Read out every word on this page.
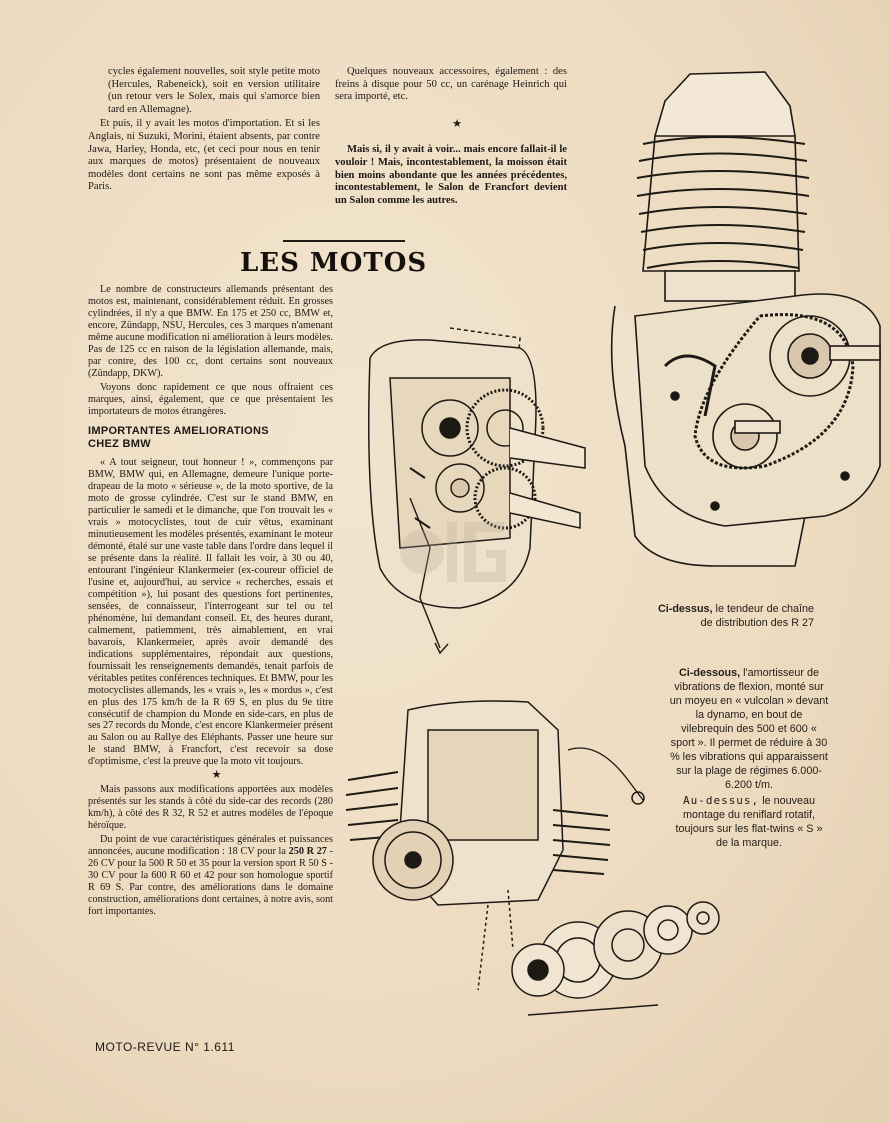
cycles également nouvelles, soit style petite moto (Hercules, Rabeneick), soit en version utilitaire (un retour vers le Solex, mais qui s'amorce bien tard en Allemagne).

Et puis, il y avait les motos d'importation. Et si les Anglais, ni Suzuki, Morini, étaient absents, par contre Jawa, Harley, Honda, etc, (et ceci pour nous en tenir aux marques de motos) présentaient de nouveaux modèles dont certains ne sont pas même exposés à Paris.

Quelques nouveaux accessoires, également : des freins à disque pour 50 cc, un carénage Heinrich qui sera importé, etc.

★

Mais si, il y avait à voir... mais encore fallait-il le vouloir ! Mais, incontestablement, la moisson était bien moins abondante que les années précédentes, incontestablement, le Salon de Francfort devient un Salon comme les autres.

LES MOTOS

Le nombre de constructeurs allemands présentant des motos est, maintenant, considérablement réduit. En grosses cylindrées, il n'y a que BMW. En 175 et 250 cc, BMW et, encore, Zündapp, NSU, Hercules, ces 3 marques n'amenant même aucune modification ni amélioration à leurs modèles. Pas de 125 cc en raison de la législation allemande, mais, par contre, des 100 cc, dont certains sont nouveaux (Zündapp, DKW).

Voyons donc rapidement ce que nous offraient ces marques, ainsi, également, que ce que présentaient les importateurs de motos étrangères.

IMPORTANTES AMELIORATIONS
CHEZ BMW

« A tout seigneur, tout honneur ! », commençons par BMW, BMW qui, en Allemagne, demeure l'unique porte-drapeau de la moto « sérieuse », de la moto sportive, de la moto de grosse cylindrée. C'est sur le stand BMW, en particulier le samedi et le dimanche, que l'on trouvait les « vrais » motocyclistes, tout de cuir vêtus, examinant minutieusement les modèles présentés, examinant le moteur démonté, étalé sur une vaste table dans l'ordre dans lequel il se présente dans la réalité. Il fallait les voir, à 30 ou 40, entourant l'ingénieur Klankermeier (ex-coureur officiel de l'usine et, aujourd'hui, au service « recherches, essais et compétition »), lui posant des questions fort pertinentes, sensées, de connaisseur, l'interrogeant sur tel ou tel phénomène, lui demandant conseil. Et, des heures durant, calmement, patiemment, très aimablement, en vrai bavarois, Klankermeier, après avoir demandé des indications supplémentaires, répondait aux questions, fournissait les renseignements demandés, tenait parfois de véritables petites conférences techniques. Et BMW, pour les motocyclistes allemands, les « vrais », les « mordus », c'est en plus des 175 km/h de la R 69 S, en plus du 9e titre consécutif de champion du Monde en side-cars, en plus de ses 27 records du Monde, c'est encore Klankermeier présent au Salon ou au Rallye des Eléphants. Passer une heure sur le stand BMW, à Francfort, c'est recevoir sa dose d'optimisme, c'est la preuve que la moto vit toujours.

★

Mais passons aux modifications apportées aux modèles présentés sur les stands à côté du side-car des records (280 km/h), à côté des R 32, R 52 et autres modèles de l'époque héroïque.

Du point de vue caractéristiques générales et puissances annoncées, aucune modification : 18 CV pour la 250 R 27 - 26 CV pour la 500 R 50 et 35 pour la version sport R 50 S - 30 CV pour la 600 R 60 et 42 pour son homologue sportif R 69 S. Par contre, des améliorations dans le domaine construction, améliorations dont certaines, à notre avis, sont fort importantes.

Ci-dessus, le tendeur de chaîne
de distribution des R 27
Ci-dessous, l'amortisseur de vibrations de flexion, monté sur un moyeu en « vulcolan » devant la dynamo, en bout de vilebrequin des 500 et 600 « sport ». Il permet de réduire à 30 % les vibrations qui apparaissent sur la plage de régimes 6.000-6.200 t/m.
Au-dessus, le nouveau montage du reniflard rotatif, toujours sur les flat-twins « S » de la marque.
MOTO-REVUE N° 1.611
